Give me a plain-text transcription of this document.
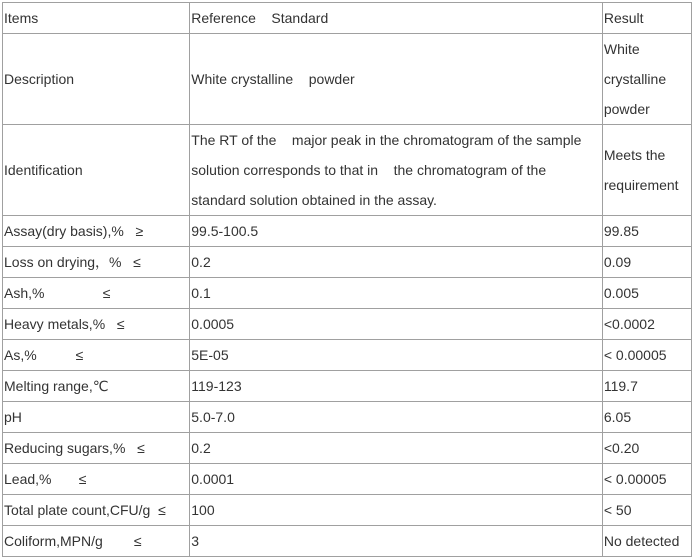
Items	Reference    Standard	Result
Description	White crystalline    powder	White crystalline  powder
Identification	The RT of the    major peak in the chromatogram of the sample solution corresponds to that in    the chromatogram of the standard solution obtained in the assay.	Meets the  requirement
Assay(dry basis),%   ≥	99.5-100.5	99.85
Loss on drying，%   ≤	0.2	0.09
Ash,%               ≤	0.1	0.005
Heavy metals,%   ≤	0.0005	<0.0002
As,%          ≤	5E-05	< 0.00005
Melting range,℃	119-123	119.7
pH	5.0-7.0	6.05
Reducing sugars,%   ≤	0.2	<0.20
Lead,%       ≤	0.0001	< 0.00005
Total plate count,CFU/g  ≤	100	< 50
Coliform,MPN/g        ≤	3	No detected
